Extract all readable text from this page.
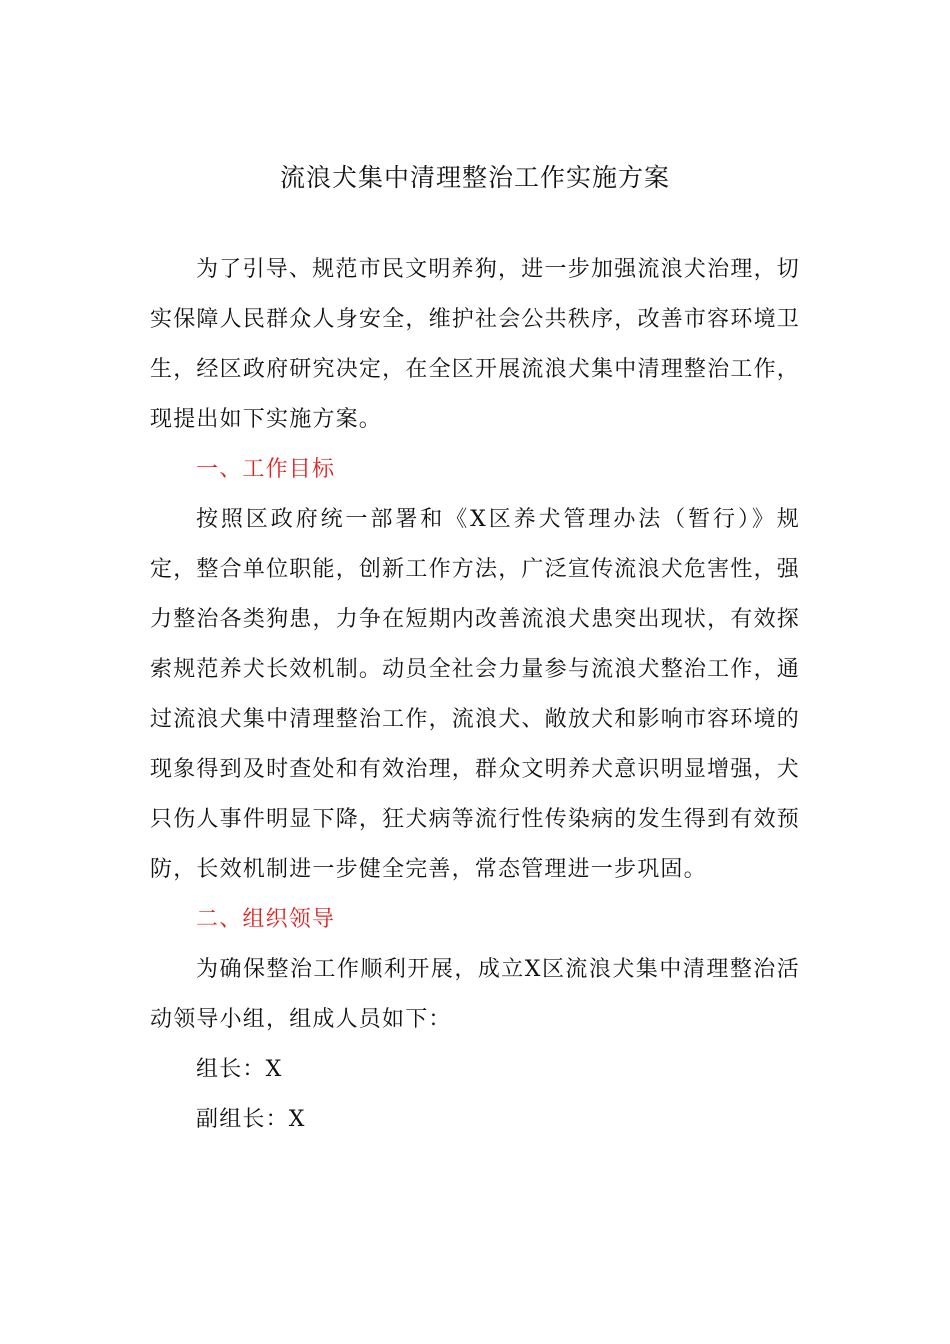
流浪犬集中清理整治工作实施方案

为了引导、规范市民文明养狗，进一步加强流浪犬治理，切实保障人民群众人身安全，维护社会公共秩序，改善市容环境卫生，经区政府研究决定，在全区开展流浪犬集中清理整治工作，现提出如下实施方案。

一、工作目标

按照区政府统一部署和《X区养犬管理办法（暂行）》规定，整合单位职能，创新工作方法，广泛宣传流浪犬危害性，强力整治各类狗患，力争在短期内改善流浪犬患突出现状，有效探索规范养犬长效机制。动员全社会力量参与流浪犬整治工作，通过流浪犬集中清理整治工作，流浪犬、敞放犬和影响市容环境的现象得到及时查处和有效治理，群众文明养犬意识明显增强，犬只伤人事件明显下降，狂犬病等流行性传染病的发生得到有效预防，长效机制进一步健全完善，常态管理进一步巩固。

二、组织领导

为确保整治工作顺利开展，成立X区流浪犬集中清理整治活动领导小组，组成人员如下：

组长：X

副组长：X
